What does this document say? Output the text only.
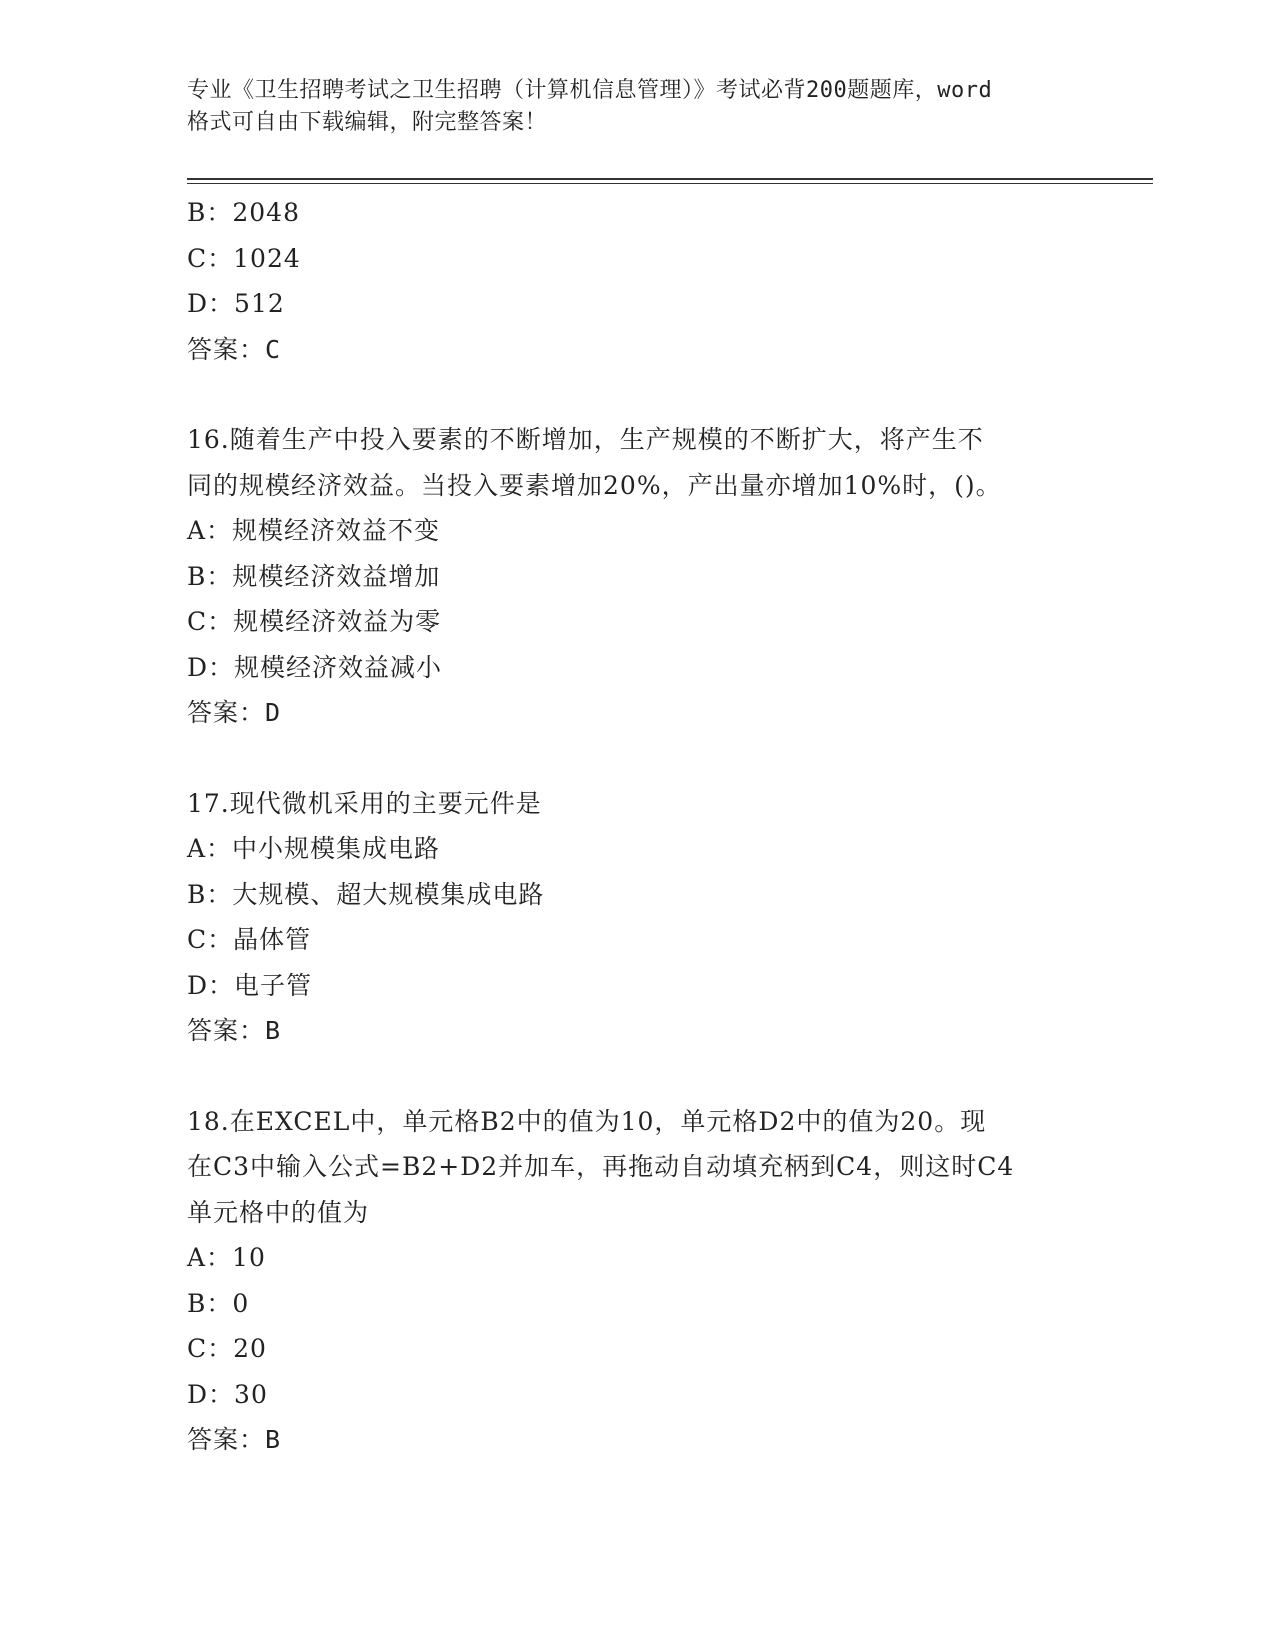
专业《卫生招聘考试之卫生招聘（计算机信息管理）》考试必背200题题库，word
格式可自由下载编辑，附完整答案！
B：2048
C：1024
D：512
答案：C
16.随着生产中投入要素的不断增加，生产规模的不断扩大，将产生不
同的规模经济效益。当投入要素增加20%，产出量亦增加10%时，()。
A：规模经济效益不变
B：规模经济效益增加
C：规模经济效益为零
D：规模经济效益减小
答案：D
17.现代微机采用的主要元件是
A：中小规模集成电路
B：大规模、超大规模集成电路
C：晶体管
D：电子管
答案：B
18.在EXCEL中，单元格B2中的值为10，单元格D2中的值为20。现
在C3中输入公式=B2+D2并加车，再拖动自动填充柄到C4，则这时C4
单元格中的值为
A：10
B：0
C：20
D：30
答案：B
